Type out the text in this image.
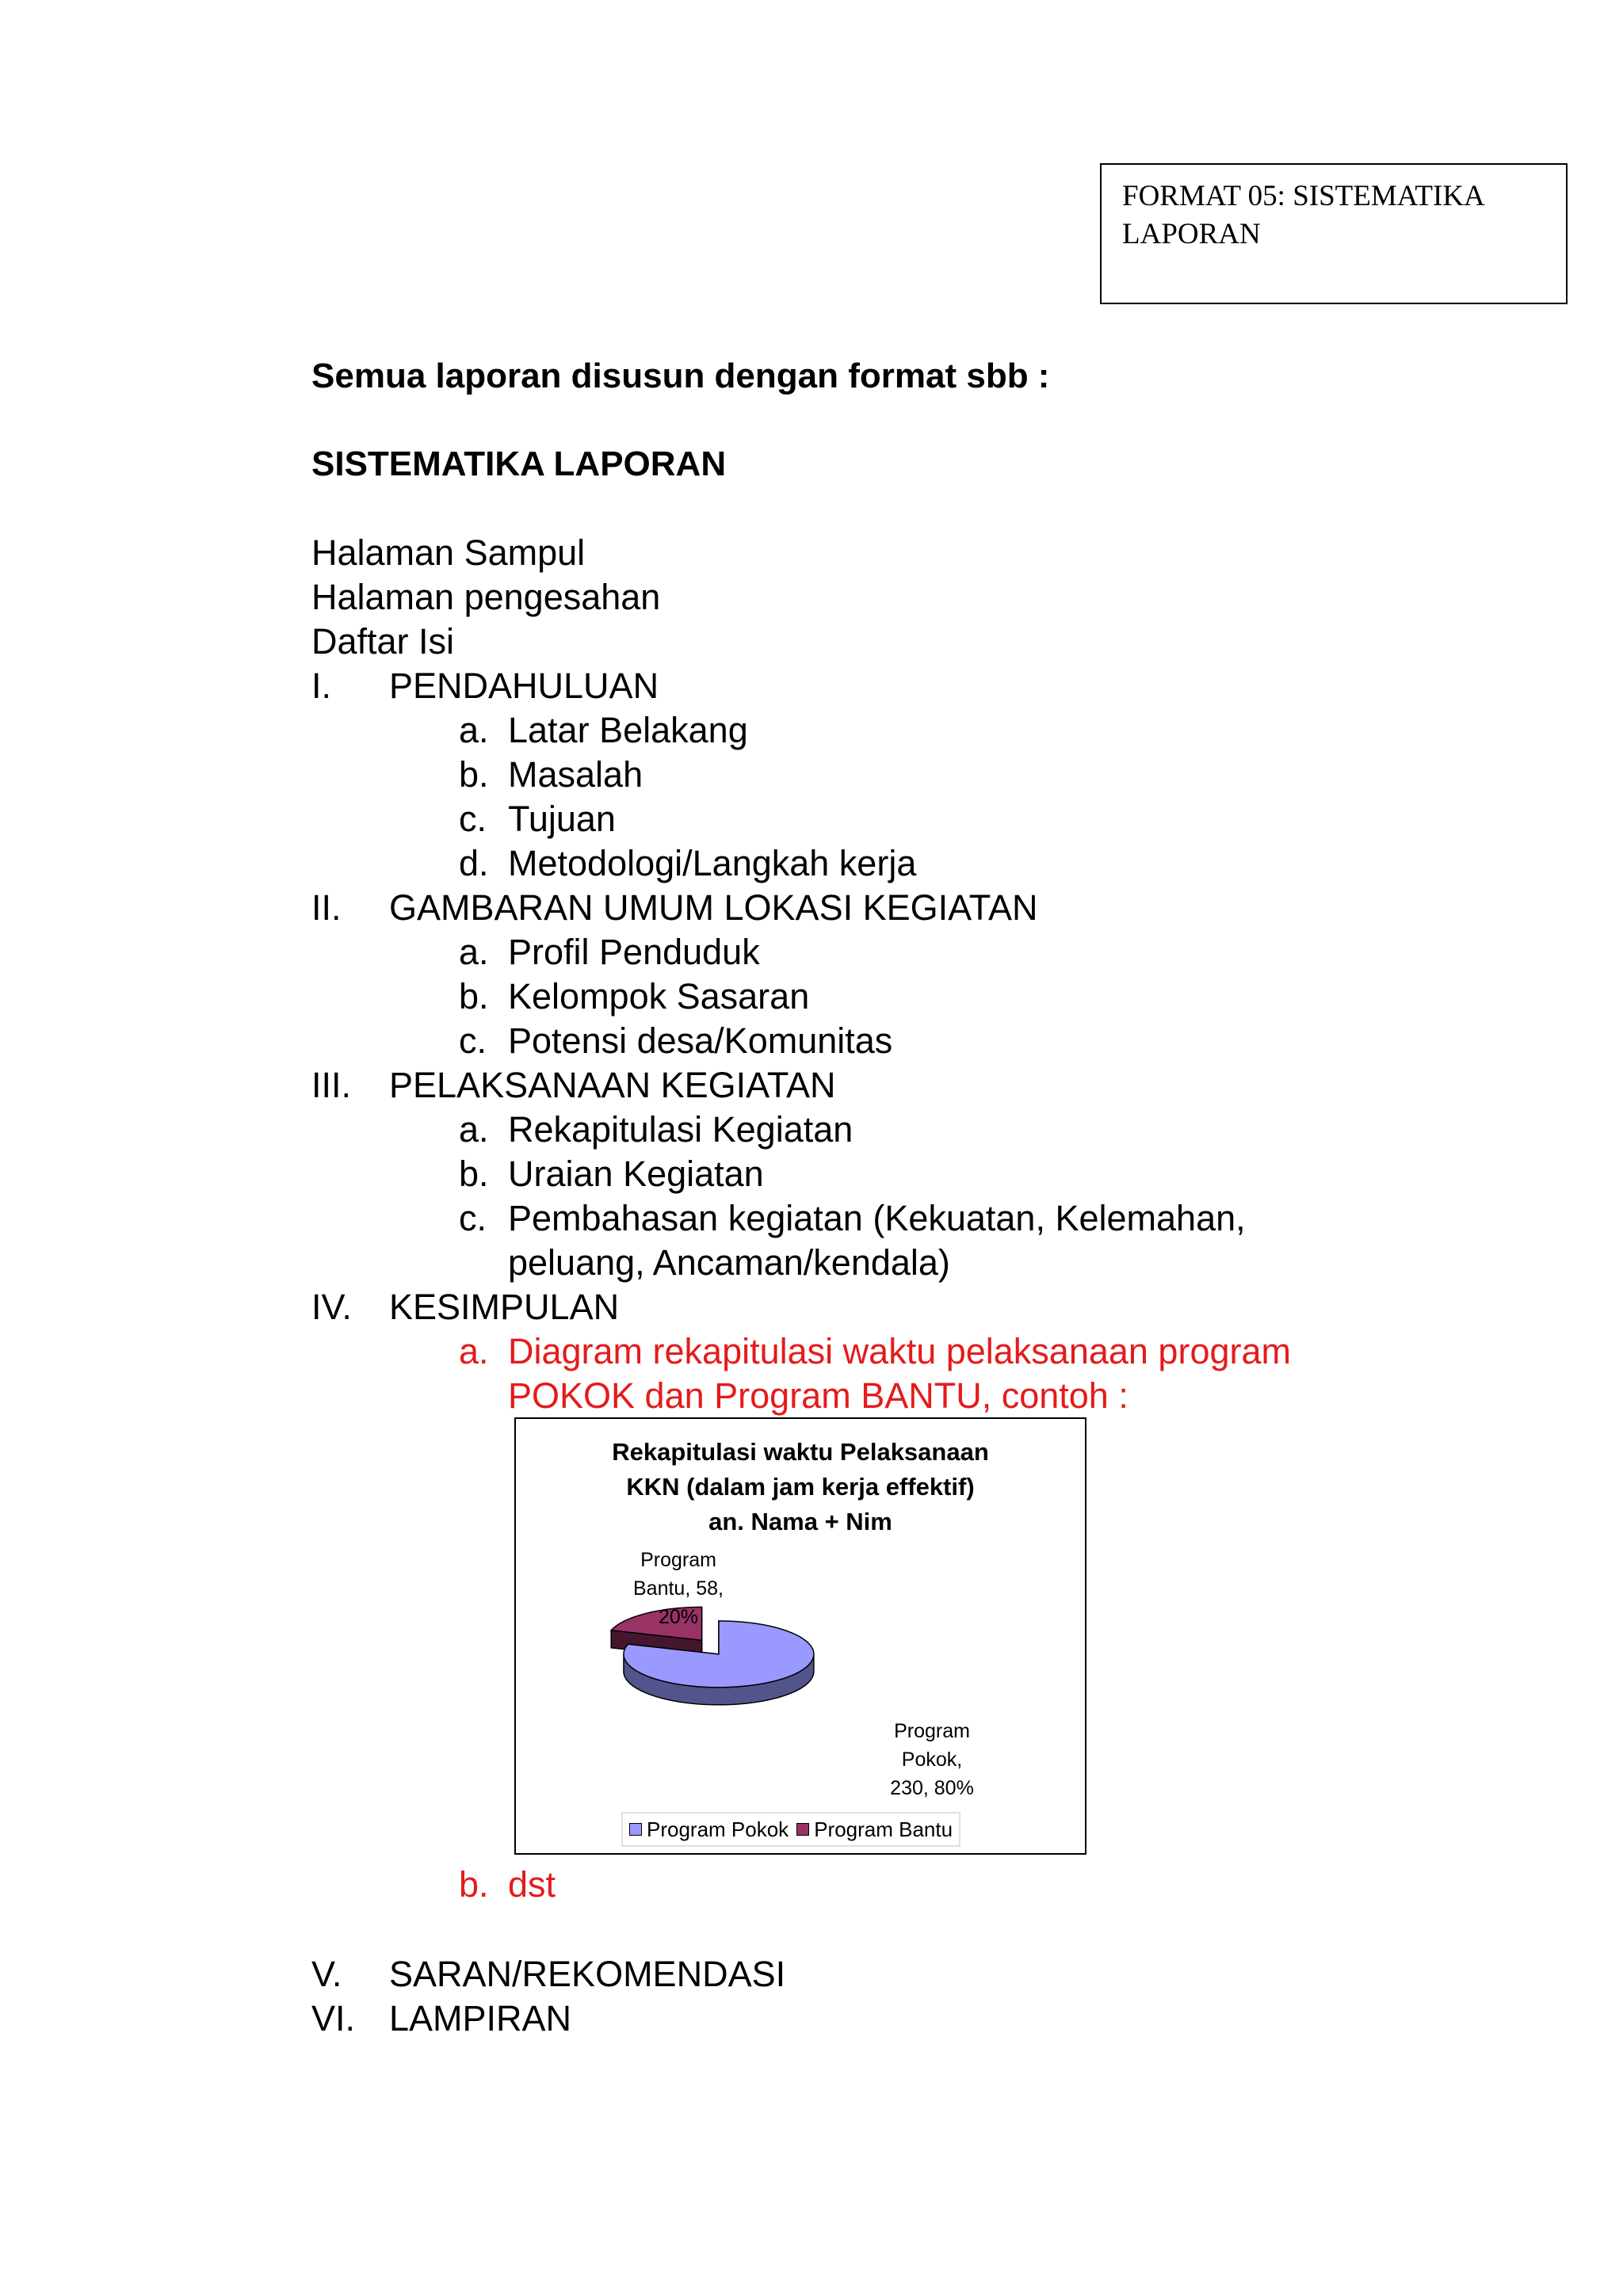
FORMAT 05: SISTEMATIKA
LAPORAN
Semua laporan disusun dengan format sbb :
SISTEMATIKA LAPORAN
Halaman Sampul
Halaman pengesahan
Daftar Isi
I. PENDAHULUAN
a. Latar Belakang
b. Masalah
c. Tujuan
d. Metodologi/Langkah kerja
II. GAMBARAN UMUM LOKASI KEGIATAN
a. Profil Penduduk
b. Kelompok Sasaran
c. Potensi desa/Komunitas
III. PELAKSANAAN KEGIATAN
a. Rekapitulasi Kegiatan
b. Uraian Kegiatan
c. Pembahasan kegiatan (Kekuatan, Kelemahan,
peluang, Ancaman/kendala)
IV. KESIMPULAN
a. Diagram rekapitulasi waktu pelaksanaan program
POKOK dan Program BANTU, contoh :
Rekapitulasi waktu Pelaksanaan
KKN (dalam jam kerja effektif)
an. Nama + Nim
Program
Bantu, 58,
20%
Program
Pokok,
230, 80%
Program Pokok Program Bantu
b. dst
V. SARAN/REKOMENDASI
VI. LAMPIRAN
